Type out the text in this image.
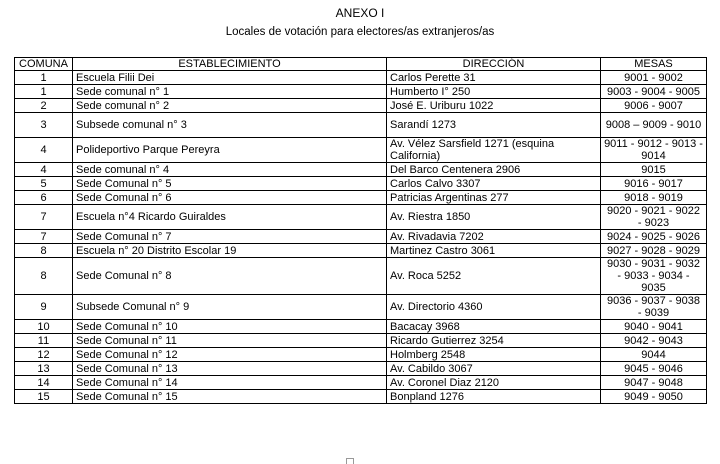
ANEXO I
Locales de votación para electores/as extranjeros/as
COMUNA	ESTABLECIMIENTO	DIRECCIÓN	MESAS
1	Escuela Filii Dei	Carlos Perette 31	9001 - 9002
1	Sede comunal n° 1	Humberto I° 250	9003 - 9004 - 9005
2	Sede comunal n° 2	José E. Uriburu 1022	9006 - 9007
3	Subsede comunal n° 3	Sarandí 1273	9008 – 9009 - 9010
4	Polideportivo Parque Pereyra	Av. Vélez Sarsfield 1271 (esquina California)	9011 - 9012 - 9013 - 9014
4	Sede comunal n° 4	Del Barco Centenera 2906	9015
5	Sede Comunal n° 5	Carlos Calvo 3307	9016 - 9017
6	Sede Comunal n° 6	Patricias Argentinas 277	9018 - 9019
7	Escuela n°4 Ricardo Guiraldes	Av. Riestra 1850	9020 - 9021 - 9022 - 9023
7	Sede Comunal n° 7	Av. Rivadavia 7202	9024 - 9025 - 9026
8	Escuela n° 20 Distrito Escolar 19	Martinez Castro 3061	9027 - 9028 - 9029
8	Sede Comunal n° 8	Av. Roca 5252	9030 - 9031 - 9032 - 9033 - 9034 - 9035
9	Subsede Comunal n° 9	Av. Directorio 4360	9036 - 9037 - 9038 - 9039
10	Sede Comunal n° 10	Bacacay 3968	9040 - 9041
11	Sede Comunal n° 11	Ricardo Gutierrez 3254	9042 - 9043
12	Sede Comunal n° 12	Holmberg 2548	9044
13	Sede Comunal n° 13	Av. Cabildo 3067	9045 - 9046
14	Sede Comunal n° 14	Av. Coronel Diaz 2120	9047 - 9048
15	Sede Comunal n° 15	Bonpland 1276	9049 - 9050
